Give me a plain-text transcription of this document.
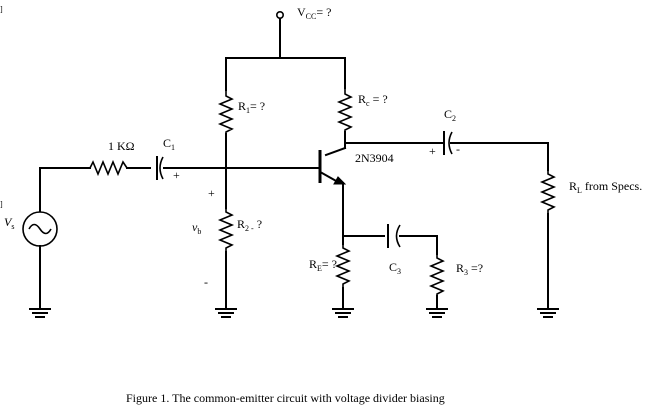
$V_{CC}=$ ?
$R_1=$ ?	$R_c$ = ?
$C_2$
+ -
$R_L$ from Specs.
2N3904
$C_1$
+
1 KΩ
$V_s$
]
]
$R_{2 -}$ ?
+
$v_b$
-
$R_E=$ ?	$C_3$	$R_3$ =?
Figure 1. The common-emitter circuit with voltage divider biasing
